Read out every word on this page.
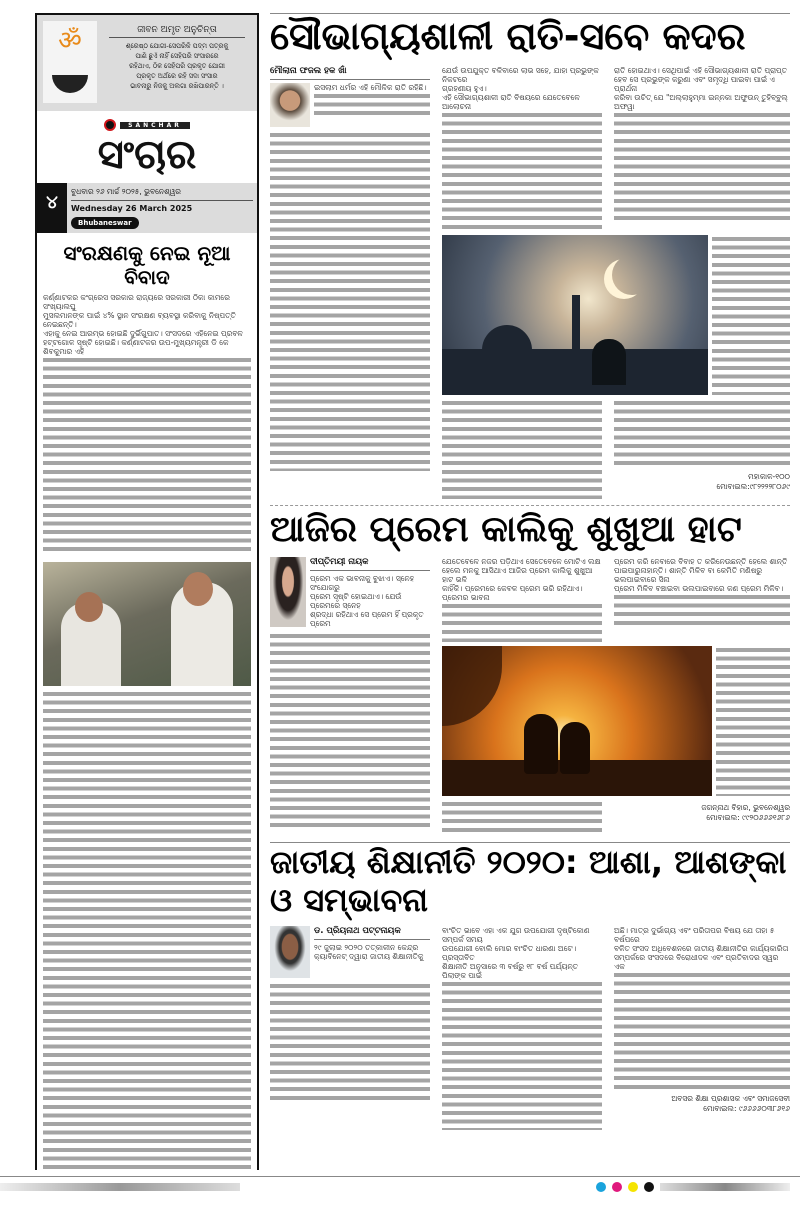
ॐ	ଜୀବନ ଅମୃତ ଅନୁଚିନ୍ତା
ଶ୍ରେଷ୍ଠ ଯୋଗୀ-ସେପରିକି ପଦ୍ମ ପତ୍ରକୁ
ପାଣି ଛୁଏଁ ନାହିଁ ସେହିପରି ସଂସାରରେ
ରହିଥାଏ, ଠିକ ସେହିପରି ପ୍ରକୃତ ଯୋଗୀ
ପ୍ରକୃତ ଅର୍ଥରେ ରହି ସଦା ସଂସାର
ଭାବନାରୁ ନିଜକୁ ଅଲଗା ରଖିପାରନ୍ତି ।
SANCHAR
ସଂଚାର
୪
ବୁଧବାର ୨୬ ମାର୍ଚ୍ଚ ୨୦୨୫, ଭୁବନେଶ୍ୱର
Wednesday 26 March 2025
Bhubaneswar
ସଂରକ୍ଷଣକୁ ନେଇ ନୂଆ ବିବାଦ
କର୍ଣ୍ଣାଟକର କଂଗ୍ରେସ ସରକାର ରାଜ୍ୟରେ ସରକାରୀ ଠିକା କାମରେ ସଂଖ୍ୟାଲଘୁ
ମୁସଲମାନଙ୍କ ପାଇଁ ୪% ସ୍ଥାନ ସଂରକ୍ଷଣ ବ୍ୟବସ୍ଥା କରିବାକୁ ନିଷ୍ପତ୍ତି ନେଇଛନ୍ତି।
ଏହାକୁ ନେଇ ଆରମ୍ଭ ହୋଇଛି ଦୁର୍ଭିଗୁପାତ। ସଂସଦରେ ଏହିନେଇ ପ୍ରବଳ
ହଟ୍ଟଗୋଳ ସୃଷ୍ଟି ହୋଇଛି। କର୍ଣ୍ଣାଟକର ଉପ-ମୁଖ୍ୟମନ୍ତ୍ରୀ ଡି କେ ଶିବକୁମାର ଏହି
ସୌଭାଗ୍ୟଶାଳୀ ରାତି-ସବେ କଦର
ମୌଲାନା ଫଜଲ ହକ ଖାଁ
ଇସଲାମ ଧର୍ମର ଏହି ମୌଳିକ ରାତି ରହିଛି।
ଯେଉଁ ଉପଯୁକ୍ତ ବଳିବାରେ ଲାଭ ସହେ, ଯାହା ପ୍ରଭୁଙ୍କ ନିକଟରେ
ଗ୍ରହଣୀୟ ହୁଏ।
ଏହି ସୌଭାଗ୍ୟଶାଳୀ ରାତି ବିଷୟରେ ଯେତେବେଳେ ଆଲୋଚନା
ରାତି ହୋଇଥାଏ। ସେଥିପାଇଁ ଏହି ସୌଭାଗ୍ୟଶାଳୀ ରାତି ପ୍ରାପ୍ତ
ହେବ ସେ ପ୍ରଭୁଙ୍କ କରୁଣା ଏବଂ ସମୃଦ୍ଧି ପାଇବା ପାଇଁ ଏ ପ୍ରାର୍ଥନା
କରିବା ଉଚିତ୍ ଯେ "ଅଲ୍ଲାହୁମ୍ମା ଇନ୍ନକା ଅଫୁଉନ୍ ତୁହିବ୍ବୁଲ୍ ଅଫୱା
ମହାକାଳ-୧୦୦
ମୋବାଇଲ:୯୮୨୨୨୨୮୦୬୯
ଆଜିର ପ୍ରେମ କାଲିକୁ ଶୁଖୁଆ ହାଟ
ଦୀପ୍ତିମୟୀ ନାୟକ
ପ୍ରେମ ଏକ ଭାବନାକୁ ବୁଝାଏ। ସ୍ନେହ ସଂଯୋଗରୁ
ପ୍ରେମ ସୃଷ୍ଟି ହୋଇଥାଏ। ଯେଉଁ ପ୍ରେମରେ ସ୍ନେହ
ଶ୍ରଦ୍ଧା ରହିଥାଏ ସେ ପ୍ରେମ ହିଁ ପ୍ରକୃତ ପ୍ରେମ
ଯେତେବେଳେ ନଜର ପଡ଼ିଥାଏ ସେତେବେଳେ ମୋଟିଏ ଲକ୍ଷ
ହେଲେ ମନକୁ ଆସିଥାଏ ଆଜିର ପ୍ରେମ କାଲିକୁ ଶୁଖୁଆ ହାଟ ଭଳି
କାହିଁକି। ପ୍ରେମରେ କେବଳ ପ୍ରେମ ଭରି ରହିଥାଏ। ପ୍ରେମର ଭାବନା
ପ୍ରେମ କରି ନେବାରେ ବିବାହ ତ କରିନେଉଛନ୍ତି ହେଲେ ଶାନ୍ତି
ପାଇପାରୁନାହାନ୍ତି। ଶାନ୍ତି ମିଳିବ ବା କେମିତି ମଣିଷରୁ ଭଲପାଇବାରେ ସିନା
ପ୍ରେମ ମିଳିବ ବଞ୍ଚାଇବା ଭଲପାଇବାରେ କଣ ପ୍ରେମ ମିଳିବ।
ଜଗନ୍ନାଥ ବିହାର, ଭୁବନେଶ୍ୱର
ମୋବାଇଲ: ୯୯୨୦୬୬୬୧୬୮୬
ଜାତୀୟ ଶିକ୍ଷାନୀତି ୨୦୨୦: ଆଶା, ଆଶଙ୍କା ଓ ସମ୍ଭାବନା
ଡ. ପ୍ରିୟନାଥ ପଟ୍ଟନାୟକ
୨୯ ଜୁଲାଇ ୨୦୨୦ ତତ୍କାଳୀନ କେନ୍ଦ୍ର
କ୍ୟାବିନେଟ୍ ଦ୍ୱାରା ଜାତୀୟ ଶିକ୍ଷାନୀତିକୁ
ବାଂଚିତ ଭାବେ ଏହା ଏକ ଯୁଗ ଉପଯୋଗୀ ଦୃଷ୍ଟିକୋଣ ସମ୍ପର୍କ ସମୟ
ଉପଯୋଗୀ ବୋଲି ମୋର ବାଂଚିତ ଧାରଣା ଅଟେ। ପ୍ରସ୍ତାବିତ
ଶିକ୍ଷାନୀତି ଅନୁସାରେ ୩ ବର୍ଷରୁ ୧୮ ବର୍ଷ ପର୍ଯ୍ୟନ୍ତ ପିଲାଙ୍କ ପାଇଁ
ଅଛି। ମାତ୍ର ଦୁର୍ଭାଗ୍ୟ ଏବଂ ପରିତାପର ବିଷୟ ଯେ ତାହା ୫ ବର୍ଷପରେ
ବଳିତ ସଂସଦ ଅଧିବେଶନରେ ଜାତୀୟ ଶିକ୍ଷାନୀତିର କାର୍ଯ୍ୟକାରିତା
ସମ୍ପର୍କରେ ସଂସଦରେ ବିରୋଧୀଦଳ ଏବଂ ପ୍ରତିବାଦର ସ୍ୱର ଏକ
ଅବସର ଶିକ୍ଷା ପ୍ରଶାସକ ଏବଂ ସମାଜସେବୀ
ମୋବାଇଲ: ୯୬୬୬୬୦୩୮୬୧୬
